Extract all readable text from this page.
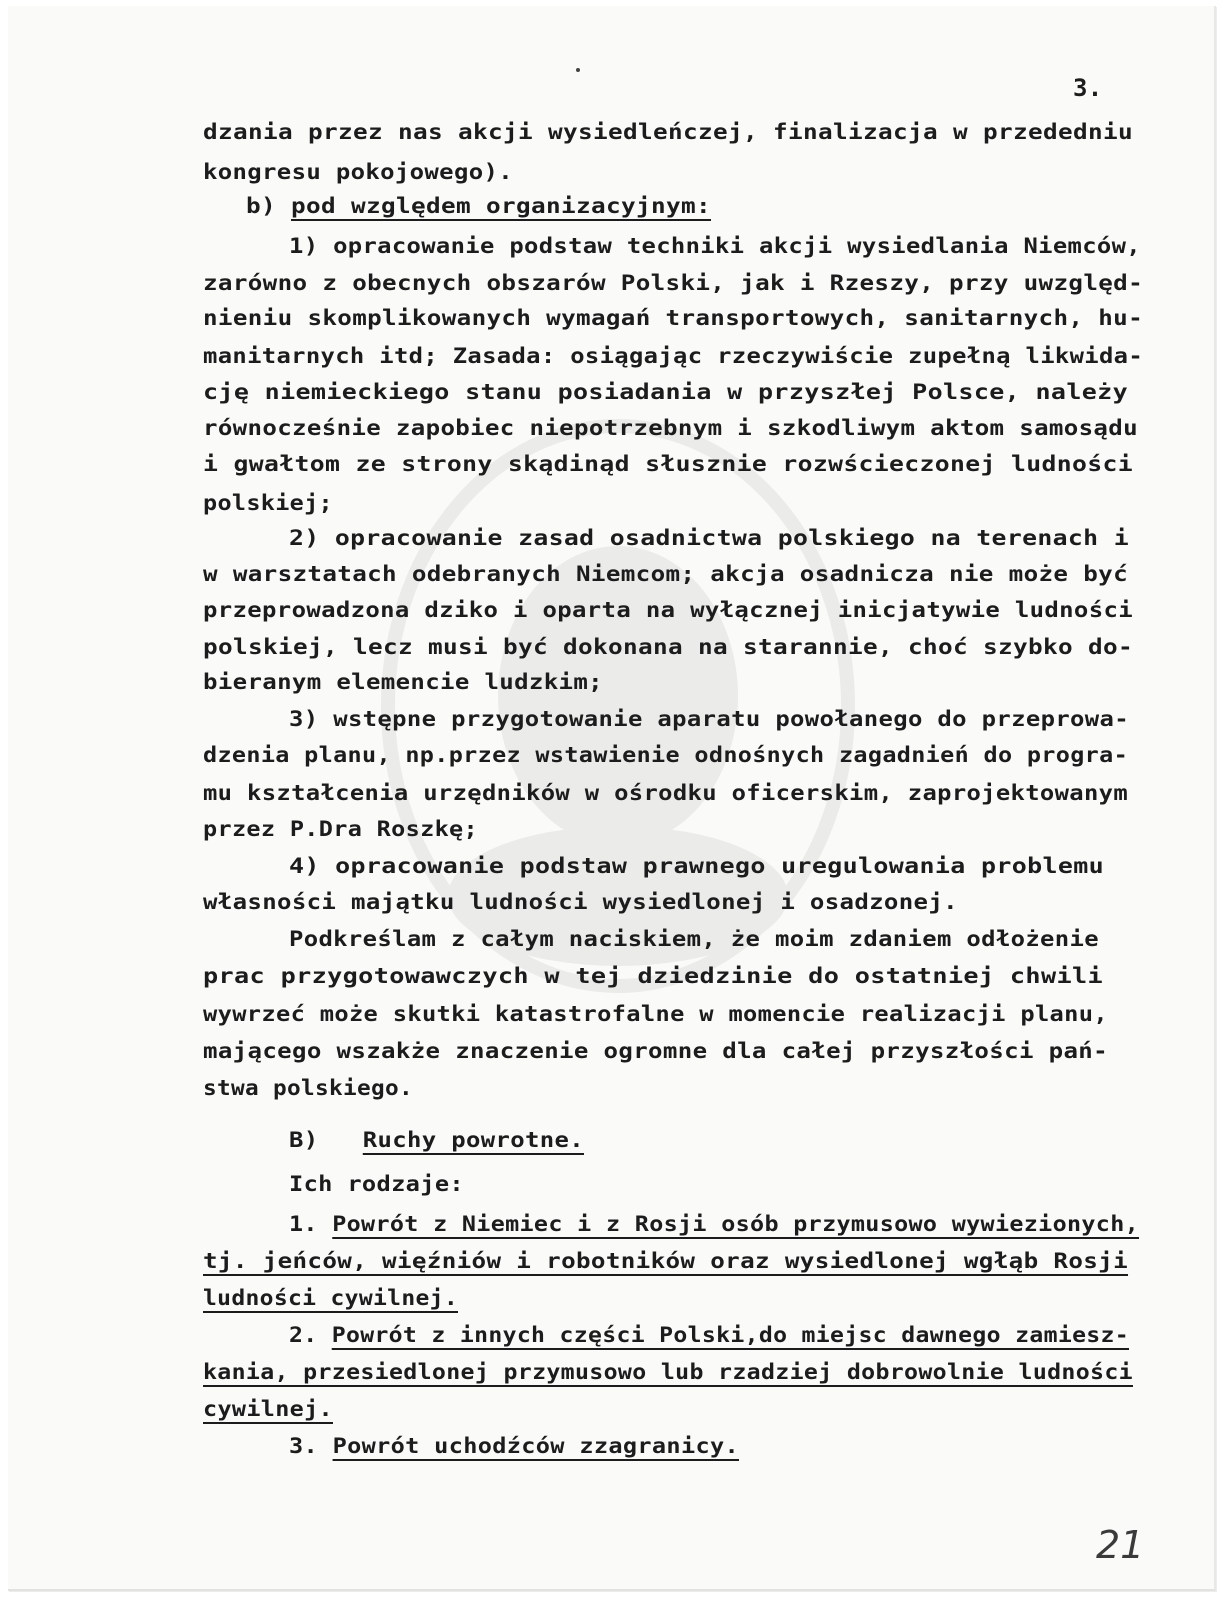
3.
dzania przez nas akcji wysiedleńczej, finalizacja w przededniu
kongresu pokojowego).
b) pod względem organizacyjnym:
1) opracowanie podstaw techniki akcji wysiedlania Niemców,
zarówno z obecnych obszarów Polski, jak i Rzeszy, przy uwzględ-
nieniu skomplikowanych wymagań transportowych, sanitarnych, hu-
manitarnych itd; Zasada: osiągając rzeczywiście zupełną likwida-
cję niemieckiego stanu posiadania w przyszłej Polsce, należy
równocześnie zapobiec niepotrzebnym i szkodliwym aktom samosądu
i gwałtom ze strony skądinąd słusznie rozwścieczonej ludności
polskiej;
2) opracowanie zasad osadnictwa polskiego na terenach i
w warsztatach odebranych Niemcom; akcja osadnicza nie może być
przeprowadzona dziko i oparta na wyłącznej inicjatywie ludności
polskiej, lecz musi być dokonana na starannie, choć szybko do-
bieranym elemencie ludzkim;
3) wstępne przygotowanie aparatu powołanego do przeprowa-
dzenia planu, np.przez wstawienie odnośnych zagadnień do progra-
mu kształcenia urzędników w ośrodku oficerskim, zaprojektowanym
przez P.Dra Roszkę;
4) opracowanie podstaw prawnego uregulowania problemu
własności majątku ludności wysiedlonej i osadzonej.
Podkreślam z całym naciskiem, że moim zdaniem odłożenie
prac przygotowawczych w tej dziedzinie do ostatniej chwili
wywrzeć może skutki katastrofalne w momencie realizacji planu,
mającego wszakże znaczenie ogromne dla całej przyszłości pań-
stwa polskiego.
B)   Ruchy powrotne.
Ich rodzaje:
1. Powrót z Niemiec i z Rosji osób przymusowo wywiezionych,
tj. jeńców, więźniów i robotników oraz wysiedlonej wgłąb Rosji
ludności cywilnej.
2. Powrót z innych części Polski,do miejsc dawnego zamiesz-
kania, przesiedlonej przymusowo lub rzadziej dobrowolnie ludności
cywilnej.
3. Powrót uchodźców zzagranicy.
21
